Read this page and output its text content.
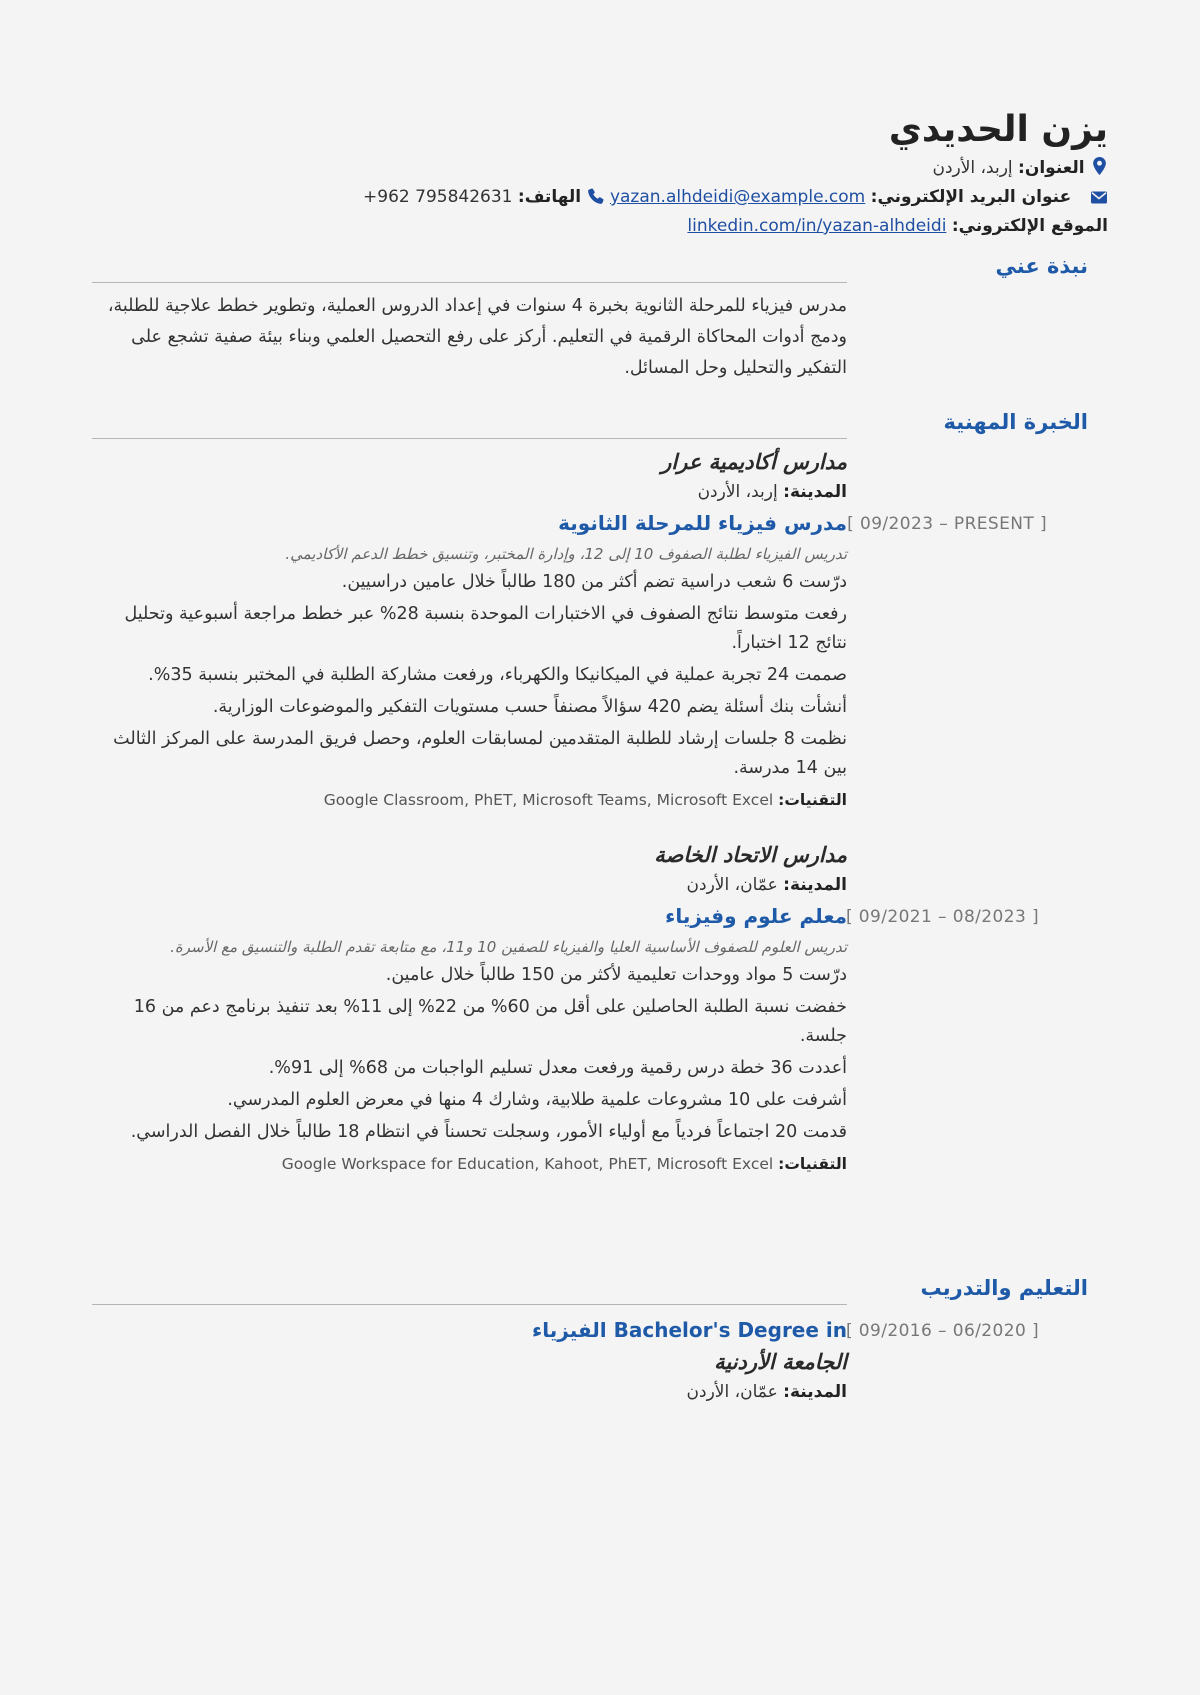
يزن الحديدي
العنوان: إربد، الأردن
عنوان البريد الإلكتروني: yazan.alhdeidi@example.com
الهاتف: +962 795842631
الموقع الإلكتروني: linkedin.com/in/yazan-alhdeidi
نبذة عني

مدرس فيزياء للمرحلة الثانوية بخبرة 4 سنوات في إعداد الدروس العملية، وتطوير خطط علاجية للطلبة، ودمج أدوات المحاكاة الرقمية في التعليم. أركز على رفع التحصيل العلمي وبناء بيئة صفية تشجع على التفكير والتحليل وحل المسائل.

الخبرة المهنية
مدارس أكاديمية عرار
المدينة: إربد، الأردن
مدرس فيزياء للمرحلة الثانوية [ 09/2023 – PRESENT ]
تدريس الفيزياء لطلبة الصفوف 10 إلى 12، وإدارة المختبر، وتنسيق خطط الدعم الأكاديمي.
درّست 6 شعب دراسية تضم أكثر من 180 طالباً خلال عامين دراسيين.
رفعت متوسط نتائج الصفوف في الاختبارات الموحدة بنسبة 28% عبر خطط مراجعة أسبوعية وتحليل نتائج 12 اختباراً.
صممت 24 تجربة عملية في الميكانيكا والكهرباء، ورفعت مشاركة الطلبة في المختبر بنسبة 35%.
أنشأت بنك أسئلة يضم 420 سؤالاً مصنفاً حسب مستويات التفكير والموضوعات الوزارية.
نظمت 8 جلسات إرشاد للطلبة المتقدمين لمسابقات العلوم، وحصل فريق المدرسة على المركز الثالث بين 14 مدرسة.
التقنيات: Google Classroom, PhET, Microsoft Teams, Microsoft Excel
مدارس الاتحاد الخاصة
المدينة: عمّان، الأردن
معلم علوم وفيزياء
[ 09/2021 – 08/2023 ]
تدريس العلوم للصفوف الأساسية العليا والفيزياء للصفين 10 و11، مع متابعة تقدم الطلبة والتنسيق مع الأسرة.
درّست 5 مواد ووحدات تعليمية لأكثر من 150 طالباً خلال عامين.
خفضت نسبة الطلبة الحاصلين على أقل من 60% من 22% إلى 11% بعد تنفيذ برنامج دعم من 16 جلسة.
أعددت 36 خطة درس رقمية ورفعت معدل تسليم الواجبات من 68% إلى 91%.
أشرفت على 10 مشروعات علمية طلابية، وشارك 4 منها في معرض العلوم المدرسي.
قدمت 20 اجتماعاً فردياً مع أولياء الأمور، وسجلت تحسناً في انتظام 18 طالباً خلال الفصل الدراسي.
التقنيات: Google Workspace for Education, Kahoot, PhET, Microsoft Excel
التعليم والتدريب
Bachelor's Degree in الفيزياء	[ 09/2016 – 06/2020 ]
الجامعة الأردنية
المدينة: عمّان، الأردن
